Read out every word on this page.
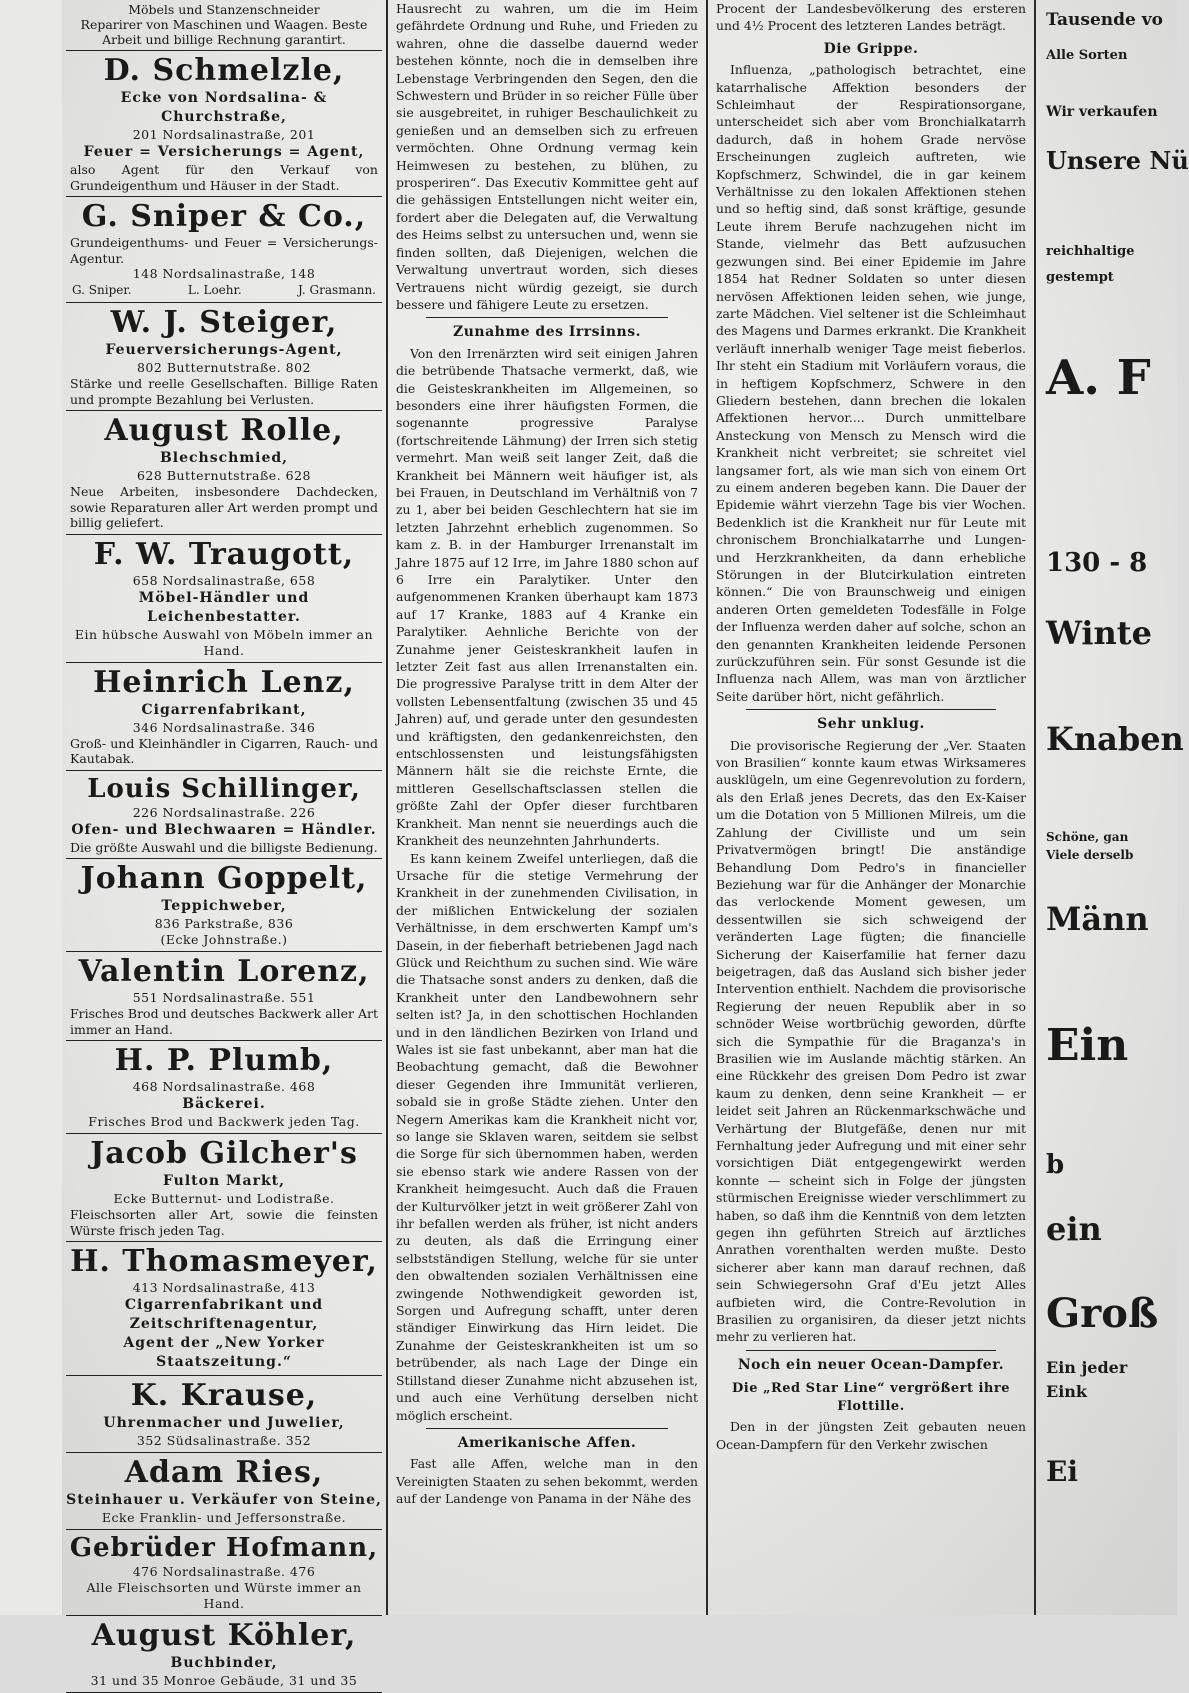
Möbels und Stanzenschneider
Reparirer von Maschinen und Waagen. Beste
Arbeit und billige Rechnung garantirt.
D. Schmelzle,
Ecke von Nordsalina- & Churchstraße,
201 Nordsalinastraße, 201
Feuer = Versicherungs = Agent,
also Agent für den Verkauf von Grundeigenthum und Häuser in der Stadt.
G. Sniper & Co.,
Grundeigenthums- und Feuer = Versicherungs-Agentur.
148 Nordsalinastraße, 148
G. Sniper.	L. Loehr.	J. Grasmann.
W. J. Steiger,
Feuerversicherungs-Agent,
802 Butternutstraße. 802
Stärke und reelle Gesellschaften. Billige Raten und prompte Bezahlung bei Verlusten.
August Rolle,
Blechschmied,
628 Butternutstraße. 628
Neue Arbeiten, insbesondere Dachdecken, sowie Reparaturen aller Art werden prompt und billig geliefert.
F. W. Traugott,
658 Nordsalinastraße, 658
Möbel-Händler und Leichenbestatter.
Ein hübsche Auswahl von Möbeln immer an Hand.
Heinrich Lenz,
Cigarrenfabrikant,
346 Nordsalinastraße. 346
Groß- und Kleinhändler in Cigarren, Rauch- und Kautabak.
Louis Schillinger,
226 Nordsalinastraße. 226
Ofen- und Blechwaaren = Händler.
Die größte Auswahl und die billigste Bedienung.
Johann Goppelt,
Teppichweber,
836 Parkstraße, 836
(Ecke Johnstraße.)
Valentin Lorenz,
551 Nordsalinastraße. 551
Frisches Brod und deutsches Backwerk aller Art immer an Hand.
H. P. Plumb,
468 Nordsalinastraße. 468
Bäckerei.
Frisches Brod und Backwerk jeden Tag.
Jacob Gilcher's
Fulton Markt,
Ecke Butternut- und Lodistraße.
Fleischsorten aller Art, sowie die feinsten Würste frisch jeden Tag.
H. Thomasmeyer,
413 Nordsalinastraße, 413
Cigarrenfabrikant und Zeitschriftenagentur,
Agent der „New Yorker Staatszeitung.“
K. Krause,
Uhrenmacher und Juwelier,
352 Südsalinastraße. 352
Adam Ries,
Steinhauer u. Verkäufer von Steine,
Ecke Franklin- und Jeffersonstraße.
Gebrüder Hofmann,
476 Nordsalinastraße. 476
Alle Fleischsorten und Würste immer an Hand.
August Köhler,
Buchbinder,
31 und 35 Monroe Gebäude, 31 und 35

Hausrecht zu wahren, um die im Heim gefährdete Ordnung und Ruhe, und Frieden zu wahren, ohne die dasselbe dauernd weder bestehen könnte, noch die in demselben ihre Lebenstage Verbringenden den Segen, den die Schwestern und Brüder in so reicher Fülle über sie ausgebreitet, in ruhiger Beschaulichkeit zu genießen und an demselben sich zu erfreuen vermöchten. Ohne Ordnung vermag kein Heimwesen zu bestehen, zu blühen, zu prosperiren“. Das Executiv Kommittee geht auf die gehässigen Entstellungen nicht weiter ein, fordert aber die Delegaten auf, die Verwaltung des Heims selbst zu untersuchen und, wenn sie finden sollten, daß Diejenigen, welchen die Verwaltung unvertraut worden, sich dieses Vertrauens nicht würdig gezeigt, sie durch bessere und fähigere Leute zu ersetzen.

Zunahme des Irrsinns.

Von den Irrenärzten wird seit einigen Jahren die betrübende Thatsache vermerkt, daß, wie die Geisteskrankheiten im Allgemeinen, so besonders eine ihrer häufigsten Formen, die sogenannte progressive Paralyse (fortschreitende Lähmung) der Irren sich stetig vermehrt. Man weiß seit langer Zeit, daß die Krankheit bei Männern weit häufiger ist, als bei Frauen, in Deutschland im Verhältniß von 7 zu 1, aber bei beiden Geschlechtern hat sie im letzten Jahrzehnt erheblich zugenommen. So kam z. B. in der Hamburger Irrenanstalt im Jahre 1875 auf 12 Irre, im Jahre 1880 schon auf 6 Irre ein Paralytiker. Unter den aufgenommenen Kranken überhaupt kam 1873 auf 17 Kranke, 1883 auf 4 Kranke ein Paralytiker. Aehnliche Berichte von der Zunahme jener Geisteskrankheit laufen in letzter Zeit fast aus allen Irrenanstalten ein. Die progressive Paralyse tritt in dem Alter der vollsten Lebensentfaltung (zwischen 35 und 45 Jahren) auf, und gerade unter den gesundesten und kräftigsten, den gedankenreichsten, den entschlossensten und leistungsfähigsten Männern hält sie die reichste Ernte, die mittleren Gesellschaftsclassen stellen die größte Zahl der Opfer dieser furchtbaren Krankheit. Man nennt sie neuerdings auch die Krankheit des neunzehnten Jahrhunderts.

Es kann keinem Zweifel unterliegen, daß die Ursache für die stetige Vermehrung der Krankheit in der zunehmenden Civilisation, in der mißlichen Entwickelung der sozialen Verhältnisse, in dem erschwerten Kampf um's Dasein, in der fieberhaft betriebenen Jagd nach Glück und Reichthum zu suchen sind. Wie wäre die Thatsache sonst anders zu denken, daß die Krankheit unter den Landbewohnern sehr selten ist? Ja, in den schottischen Hochlanden und in den ländlichen Bezirken von Irland und Wales ist sie fast unbekannt, aber man hat die Beobachtung gemacht, daß die Bewohner dieser Gegenden ihre Immunität verlieren, sobald sie in große Städte ziehen. Unter den Negern Amerikas kam die Krankheit nicht vor, so lange sie Sklaven waren, seitdem sie selbst die Sorge für sich übernommen haben, werden sie ebenso stark wie andere Rassen von der Krankheit heimgesucht. Auch daß die Frauen der Kulturvölker jetzt in weit größerer Zahl von ihr befallen werden als früher, ist nicht anders zu deuten, als daß die Erringung einer selbstständigen Stellung, welche für sie unter den obwaltenden sozialen Verhältnissen eine zwingende Nothwendigkeit geworden ist, Sorgen und Aufregung schafft, unter deren ständiger Einwirkung das Hirn leidet. Die Zunahme der Geisteskrankheiten ist um so betrübender, als nach Lage der Dinge ein Stillstand dieser Zunahme nicht abzusehen ist, und auch eine Verhütung derselben nicht möglich erscheint.

Amerikanische Affen.

Fast alle Affen, welche man in den Vereinigten Staaten zu sehen bekommt, werden auf der Landenge von Panama in der Nähe des

Procent der Landesbevölkerung des ersteren und 4½ Procent des letzteren Landes beträgt.

Die Grippe.

Influenza, „pathologisch betrachtet, eine katarrhalische Affektion besonders der Schleimhaut der Respirationsorgane, unterscheidet sich aber vom Bronchialkatarrh dadurch, daß in hohem Grade nervöse Erscheinungen zugleich auftreten, wie Kopfschmerz, Schwindel, die in gar keinem Verhältnisse zu den lokalen Affektionen stehen und so heftig sind, daß sonst kräftige, gesunde Leute ihrem Berufe nachzugehen nicht im Stande, vielmehr das Bett aufzusuchen gezwungen sind. Bei einer Epidemie im Jahre 1854 hat Redner Soldaten so unter diesen nervösen Affektionen leiden sehen, wie junge, zarte Mädchen. Viel seltener ist die Schleimhaut des Magens und Darmes erkrankt. Die Krankheit verläuft innerhalb weniger Tage meist fieberlos. Ihr steht ein Stadium mit Vorläufern voraus, die in heftigem Kopfschmerz, Schwere in den Gliedern bestehen, dann brechen die lokalen Affektionen hervor.... Durch unmittelbare Ansteckung von Mensch zu Mensch wird die Krankheit nicht verbreitet; sie schreitet viel langsamer fort, als wie man sich von einem Ort zu einem anderen begeben kann. Die Dauer der Epidemie währt vierzehn Tage bis vier Wochen. Bedenklich ist die Krankheit nur für Leute mit chronischem Bronchialkatarrhe und Lungen- und Herzkrankheiten, da dann erhebliche Störungen in der Blutcirkulation eintreten können.“ Die von Braunschweig und einigen anderen Orten gemeldeten Todesfälle in Folge der Influenza werden daher auf solche, schon an den genannten Krankheiten leidende Personen zurückzuführen sein. Für sonst Gesunde ist die Influenza nach Allem, was man von ärztlicher Seite darüber hört, nicht gefährlich.

Sehr unklug.

Die provisorische Regierung der „Ver. Staaten von Brasilien“ konnte kaum etwas Wirksameres ausklügeln, um eine Gegenrevolution zu fordern, als den Erlaß jenes Decrets, das den Ex-Kaiser um die Dotation von 5 Millionen Milreis, um die Zahlung der Civilliste und um sein Privatvermögen bringt! Die anständige Behandlung Dom Pedro's in financieller Beziehung war für die Anhänger der Monarchie das verlockende Moment gewesen, um dessentwillen sie sich schweigend der veränderten Lage fügten; die financielle Sicherung der Kaiserfamilie hat ferner dazu beigetragen, daß das Ausland sich bisher jeder Intervention enthielt. Nachdem die provisorische Regierung der neuen Republik aber in so schnöder Weise wortbrüchig geworden, dürfte sich die Sympathie für die Braganza's in Brasilien wie im Auslande mächtig stärken. An eine Rückkehr des greisen Dom Pedro ist zwar kaum zu denken, denn seine Krankheit — er leidet seit Jahren an Rückenmarkschwäche und Verhärtung der Blutgefäße, denen nur mit Fernhaltung jeder Aufregung und mit einer sehr vorsichtigen Diät entgegengewirkt werden konnte — scheint sich in Folge der jüngsten stürmischen Ereignisse wieder verschlimmert zu haben, so daß ihm die Kenntniß von dem letzten gegen ihn geführten Streich auf ärztliches Anrathen vorenthalten werden mußte. Desto sicherer aber kann man darauf rechnen, daß sein Schwiegersohn Graf d'Eu jetzt Alles aufbieten wird, die Contre-Revolution in Brasilien zu organisiren, da dieser jetzt nichts mehr zu verlieren hat.

Noch ein neuer Ocean-Dampfer.
Die „Red Star Line“ vergrößert ihre Flottille.

Den in der jüngsten Zeit gebauten neuen Ocean-Dampfern für den Verkehr zwischen

Tausende vo
Alle Sorten
Wir verkaufen
Unsere Nü
reichhaltige
gestempt
A. F
130 - 8
Winte
Knaben
Schöne, gan
Viele derselb
Männ
Ein
b
ein
Groß
Ein jeder
Eink
Ei
